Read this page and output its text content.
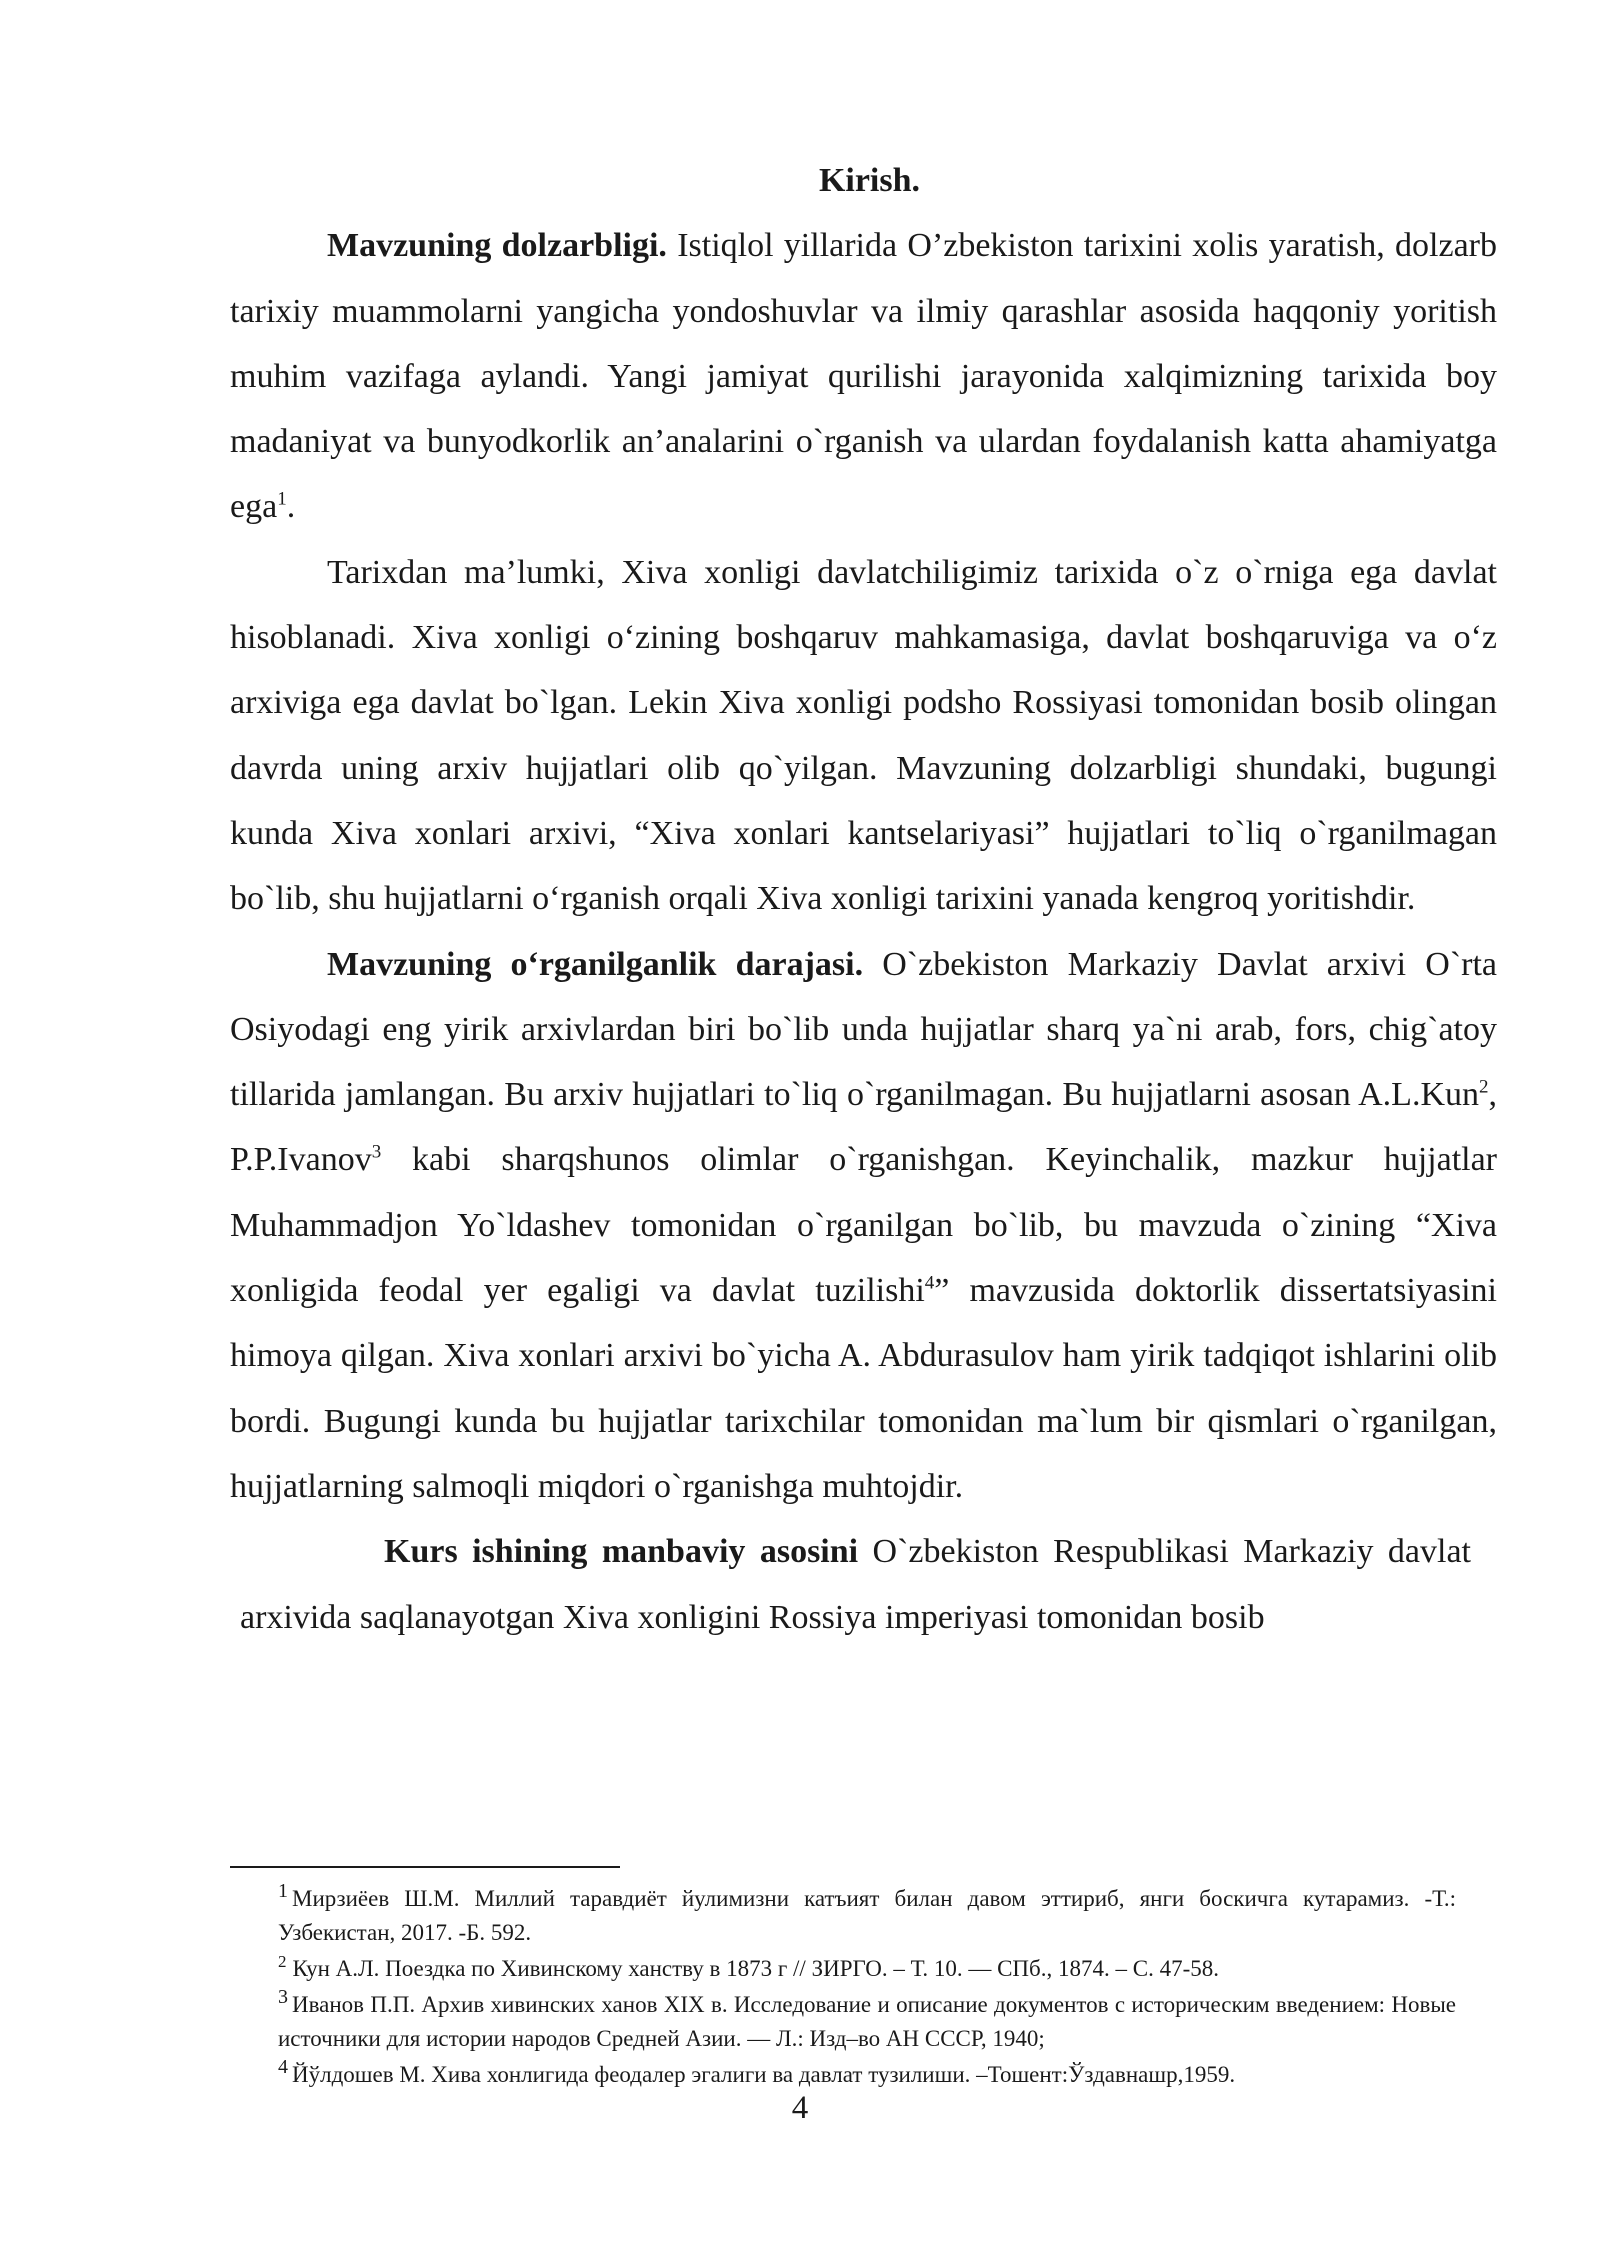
Kirish.

Mavzuning dolzarbligi. Istiqlol yillarida O’zbekiston tarixini xolis yaratish, dolzarb tarixiy muammolarni yangicha yondoshuvlar va ilmiy qarashlar asosida haqqoniy yoritish muhim vazifaga aylandi. Yangi jamiyat qurilishi jarayonida xalqimizning tarixida boy madaniyat va bunyodkorlik an’analarini o`rganish va ulardan foydalanish katta ahamiyatga ega$^1$.

Tarixdan ma’lumki, Xiva xonligi davlatchiligimiz tarixida o`z o`rniga ega davlat hisoblanadi. Xiva xonligi o‘zining boshqaruv mahkamasiga, davlat boshqaruviga va o‘z arxiviga ega davlat bo`lgan. Lekin Xiva xonligi podsho Rossiyasi tomonidan bosib olingan davrda uning arxiv hujjatlari olib qo`yilgan. Mavzuning dolzarbligi shundaki, bugungi kunda Xiva xonlari arxivi, “Xiva xonlari kantselariyasi” hujjatlari to`liq o`rganilmagan bo`lib, shu hujjatlarni o‘rganish orqali Xiva xonligi tarixini yanada kengroq yoritishdir.

Mavzuning o‘rganilganlik darajasi. O`zbekiston Markaziy Davlat arxivi O`rta Osiyodagi eng yirik arxivlardan biri bo`lib unda hujjatlar sharq ya`ni arab, fors, chig`atoy tillarida jamlangan. Bu arxiv hujjatlari to`liq o`rganilmagan. Bu hujjatlarni asosan A.L.Kun$^2$, P.P.Ivanov$^3$ kabi sharqshunos olimlar o`rganishgan. Keyinchalik, mazkur hujjatlar Muhammadjon Yo`ldashev tomonidan o`rganilgan bo`lib, bu mavzuda o`zining “Xiva xonligida feodal yer egaligi va davlat tuzilishi$^4$” mavzusida doktorlik dissertatsiyasini himoya qilgan. Xiva xonlari arxivi bo`yicha A. Abdurasulov ham yirik tadqiqot ishlarini olib bordi. Bugungi kunda bu hujjatlar tarixchilar tomonidan ma`lum bir qismlari o`rganilgan, hujjatlarning salmoqli miqdori o`rganishga muhtojdir.

Kurs ishining manbaviy asosini O`zbekiston Respublikasi Markaziy davlat arxivida saqlanayotgan Xiva xonligini Rossiya imperiyasi tomonidan bosib

$^1$ Мирзиёев Ш.М. Миллий таравдиёт йулимизни катъият билан давом эттириб, янги боскичга кутарамиз. -Т.: Узбекистан, 2017. -Б. 592.

$^2$ Кун А.Л. Поездка по Хивинскому ханству в 1873 г // ЗИРГО. – Т. 10. — СПб., 1874. – С. 47-58.

$^3$ Иванов П.П. Архив хивинских ханов XIX в. Исследование и описание документов с историческим введением: Новые источники для истории народов Средней Азии. — Л.: Изд–во АН СССР, 1940;

$^4$ Йўлдошев М. Хива хонлигида феодалер эгалиги ва давлат тузилиши. –Тошент:Ўздавнашр,1959.

4
